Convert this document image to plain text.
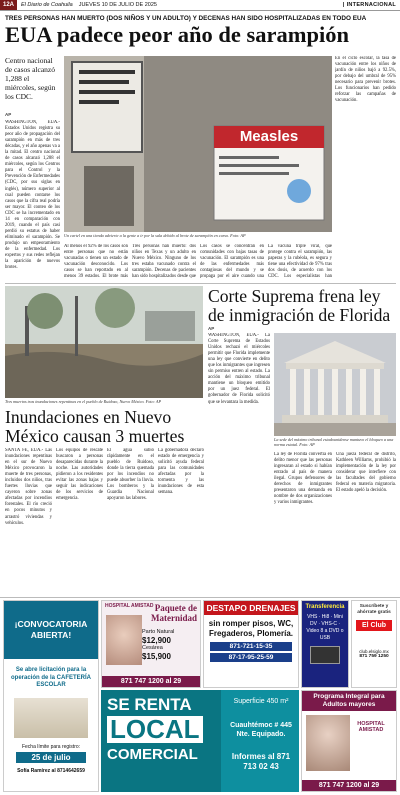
12A	El Diario de Coahuila JUEVES 10 DE JULIO DE 2025	| INTERNACIONAL
TRES PERSONAS HAN MUERTO (DOS NIÑOS Y UN ADULTO) Y DECENAS HAN SIDO HOSPITALIZADAS EN TODO EUA
EUA padece peor año de sarampión
Centro nacional de casos alcanzó 1,288 el miércoles, según los CDC.
AP
WASHINGTON, EUA.- Estados Unidos registra su peor año de propagación del sarampión en más de tres décadas, y el año apenas va a la mitad. El centro nacional de casos alcanzó 1,288 el miércoles, según los Centros para el Control y la Prevención de Enfermedades (CDC, por sus siglas en inglés), número superior al cual pueden contarse los casos que la cifra real podría ser mayor. El conteo de los CDC se ha incrementado en 14 en comparación con 2019, cuando el país casi perdió su estatus de haber eliminado el sarampión. Se produjo un empeoramiento de la enfermedad. Los expertos y sus redes reflejan la aparición de nuevos brotes.
Measles
Un cartel en una tienda advierte a la gente a ir por la sala debido al brote de sarampión en curso. Foto: AP
En el ciclo escolar, la tasa de vacunación entre los niños de jardín de niños bajó a 92.5%, por debajo del umbral de 95% necesario para prevenir brotes. Los funcionarios han pedido reforzar las campañas de vacunación.
Al menos el 92% de los casos son entre personas que no están vacunadas o tienen un estado de vacunación desconocido. Los casos se han reportado en al menos 39 estados. El brote más
Tres personas han muerto: dos niños en Texas y un adulto en Nuevo México. Ninguno de los tres estaba vacunado contra el sarampión. Decenas de pacientes han sido hospitalizados desde que
Los casos se concentran en comunidades con bajas tasas de vacunación. El sarampión es una de las enfermedades más contagiosas del mundo y se propaga por el aire cuando una
La vacuna triple viral, que protege contra el sarampión, las paperas y la rubéola, es segura y tiene una efectividad de 97% tras dos dosis, de acuerdo con los CDC. Los especialistas han
Tres muertos tras inundaciones repentinas en el pueblo de Ruidoso, Nuevo México. Foto: AP
Inundaciones en Nuevo México causan 3 muertes
SANTA FE, EUA.- Las inundaciones repentinas en el sur de Nuevo México provocaron la muerte de tres personas, incluidos dos niños, tras fuertes lluvias que cayeron sobre zonas afectadas por incendios forestales. El río creció en pocos minutos y arrastró viviendas y vehículos.
Los equipos de rescate buscaron a personas desaparecidas durante la noche. Las autoridades pidieron a los residentes evitar las zonas bajas y seguir las indicaciones de los servicios de emergencia.
El agua subió rápidamente en el pueblo de Ruidoso, donde la tierra quemada por los incendios no puede absorber la lluvia. Los bomberos y la Guardia Nacional apoyaron las labores.
La gobernadora declaró estado de emergencia y solicitó ayuda federal para las comunidades afectadas por la tormenta y las inundaciones de esta semana.
Corte Suprema frena ley de inmigración de Florida
AP
WASHINGTON, EUA.- La Corte Suprema de Estados Unidos rechazó el miércoles permitir que Florida implemente una ley que convierte en delito que los inmigrantes que ingresen sin permiso entren al estado. La acción del máximo tribunal mantiene un bloqueo emitido por un juez federal. El gobernador de Florida solicitó que se levantara la medida.
La sede del máximo tribunal estadounidense mantuvo el bloqueo a una norma estatal. Foto: AP
La ley de Florida convertía en delito menor que las personas ingresaran al estado si habían entrado al país de manera ilegal. Grupos defensores de derechos de inmigrantes presentaron una demanda en nombre de dos organizaciones y varios inmigrantes.
Una jueza federal de distrito, Kathleen Williams, prohibió la implementación de la ley por considerar que interfiere con las facultades del gobierno federal en materia migratoria. El estado apeló la decisión.
¡CONVOCATORIA ABIERTA!
Se abre licitación para la operación de la CAFETERÍA ESCOLAR
Fecha límite para registro:
25 de julio
Sofía Ramírez al 8714642659
HOSPITAL AMISTAD Paquete de Maternidad
Parto Natural
$12,900
Cesárea
$15,900
871 747 1200 al 29
DESTAPO DRENAJES
sin romper pisos, WC, Fregaderos, Plomería.
871-721-15-35
87-17-95-25-59
Transferencia
VHS · Hi8 · Mini DV · VHS-C · Video 8 a DVD o USB
Suscríbete y ahórrate gratis
El Club
club.elsiglo.mx
871 759 1250
SE RENTA
LOCAL
COMERCIAL
Superficie 450 m²
Cuauhtémoc # 445 Nte. Equipado.
Informes al 871 713 02 43
Programa Integral para Adultos mayores
HOSPITAL AMISTAD
871 747 1200 al 29
